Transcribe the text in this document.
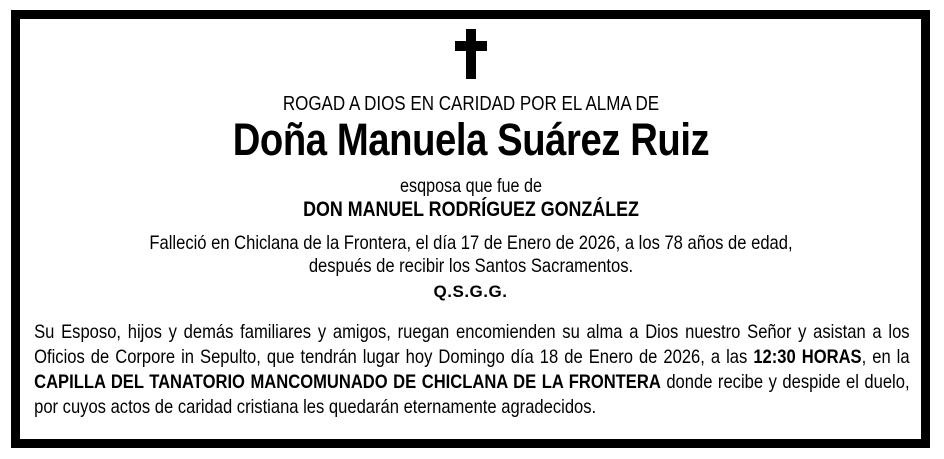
ROGAD A DIOS EN CARIDAD POR EL ALMA DE
Doña Manuela Suárez Ruiz
esqposa que fue de
DON MANUEL RODRÍGUEZ GONZÁLEZ
Falleció en Chiclana de la Frontera, el día 17 de Enero de 2026, a los 78 años de edad,
después de recibir los Santos Sacramentos.
Q.S.G.G.

Su Esposo, hijos y demás familiares y amigos, ruegan encomienden su alma a Dios nuestro Señor y asistan a los Oficios de Corpore in Sepulto, que tendrán lugar hoy Domingo día 18 de Enero de 2026, a las 12:30 HORAS, en la CAPILLA DEL TANATORIO MANCOMUNADO DE CHICLANA DE LA FRONTERA donde recibe y despide el duelo, por cuyos actos de caridad cristiana les quedarán eternamente agradecidos.
